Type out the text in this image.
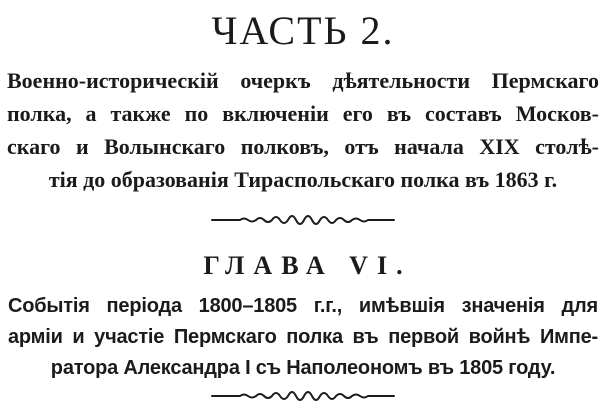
ЧАСТЬ 2.
Военно-историческій очеркъ дѣятельности Пермскаго
полка, а также по включеніи его въ составъ Москов-
скаго и Волынскаго полковъ, отъ начала XIX столѣ-
тія до образованія Тираспольскаго полка въ 1863 г.
ГЛАВА VI.
Событія періода 1800–1805 г.г., имѣвшія значенія для
арміи и участіе Пермскаго полка въ первой войнѣ Импе-
ратора Александра I съ Наполеономъ въ 1805 году.
